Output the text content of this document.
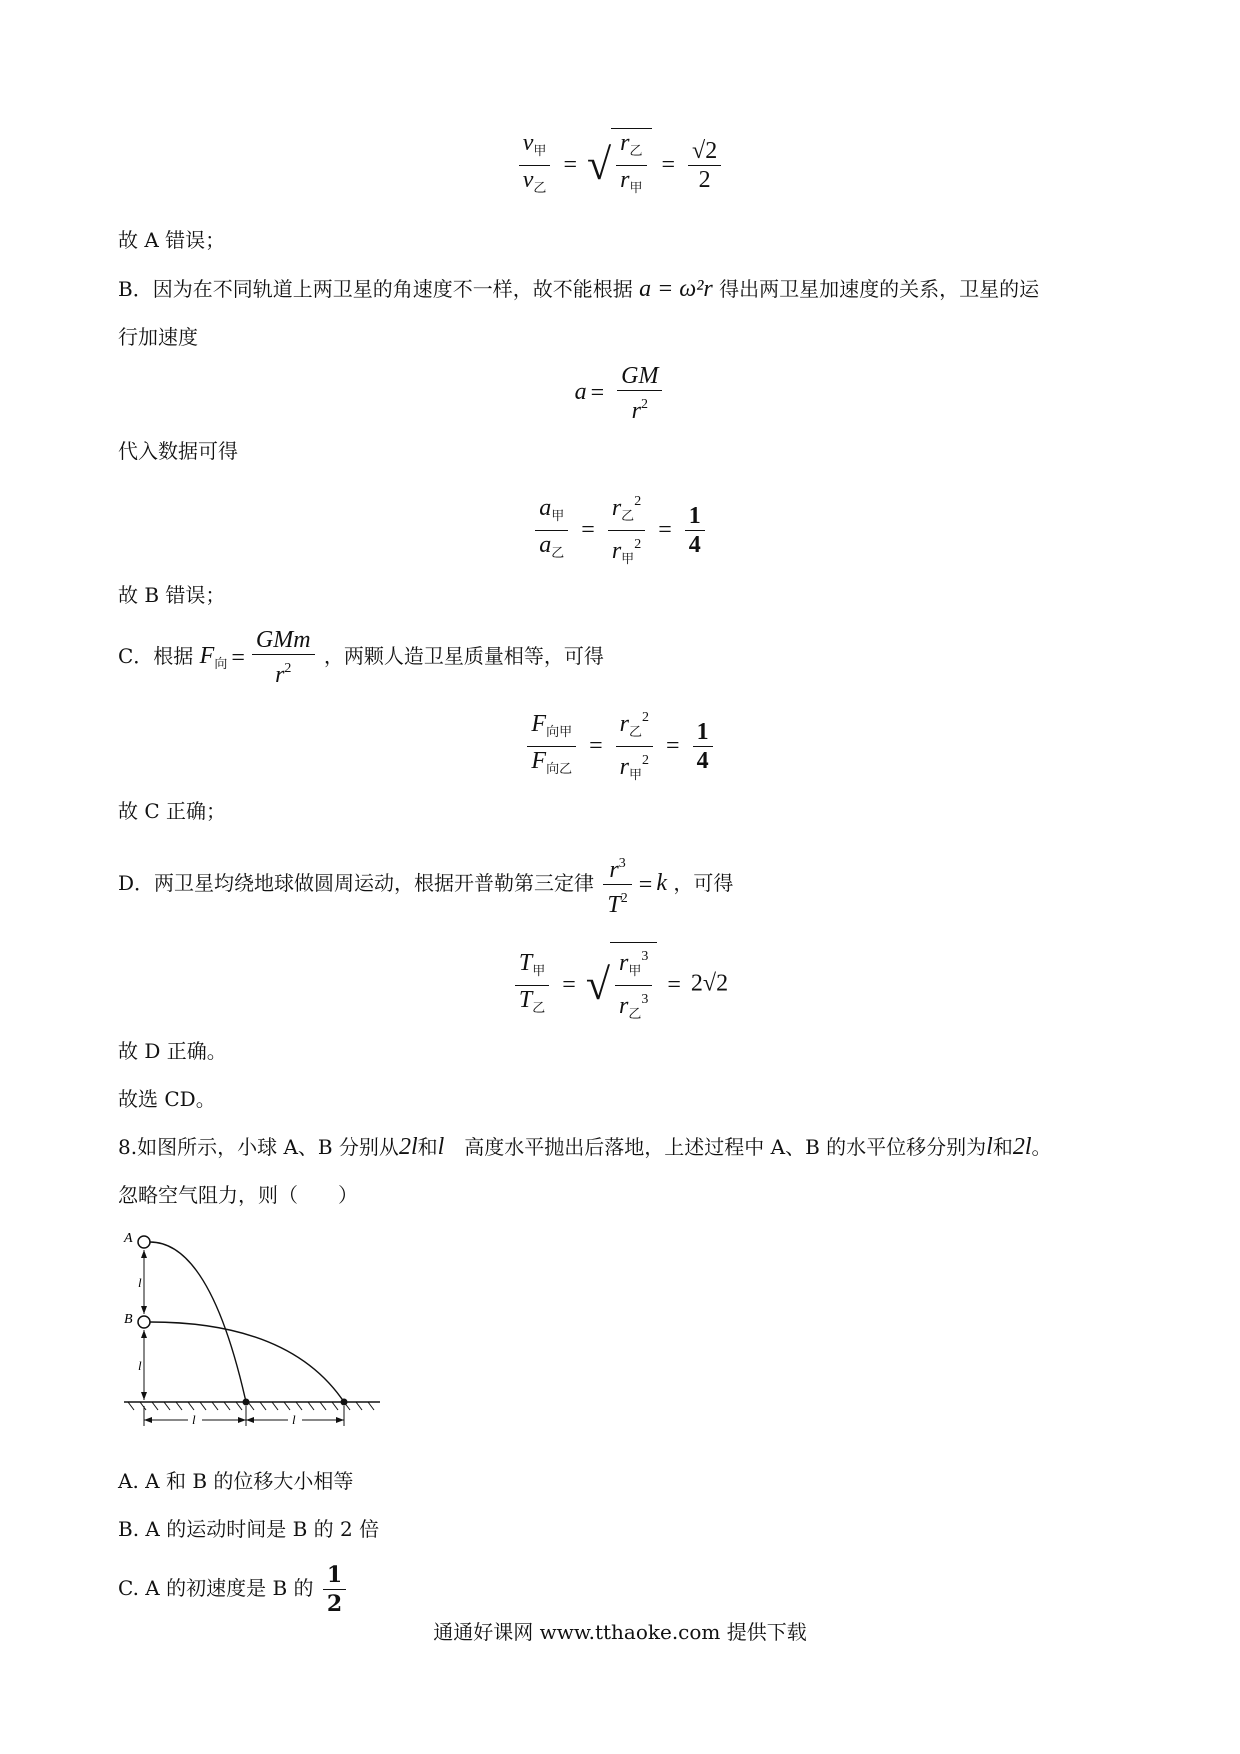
$\frac{v_甲}{v_乙}$ = √ $\frac{r_乙}{r_甲} = \frac{√2}{2}$
故 A 错误；
B．因为在不同轨道上两卫星的角速度不一样，故不能根据 a = ω²r 得出两卫星加速度的关系，卫星的运
行加速度
$a = \frac{GM}{r^2}$
代入数据可得
$\frac{a_甲}{a_乙} = \frac{r_乙^2}{r_甲^2} = \frac{1}{4}$
故 B 错误；
C．根据 $F_向 = \frac{\text{GMm}}{r^2}$ ，两颗人造卫星质量相等，可得
$\frac{F_{向甲}}{F_{向乙}} = \frac{r_乙^2}{r_甲^2} = \frac{1}{4}$
故 C 正确；
D．两卫星均绕地球做圆周运动，根据开普勒第三定律 $\frac{r^3}{T^2} = k$ ，可得
$\frac{T_甲}{T_乙}$ = √ $\frac{r_甲^3}{r_乙^3} = 2√2$
故 D 正确。
故选 CD。
8.如图所示，小球 A、B 分别从2l和l　 高度水平抛出后落地，上述过程中 A、B 的水平位移分别为l和2l。
忽略空气阻力，则（　　）
A
B
l
l
l	l
A. A 和 B 的位移大小相等
B. A 的运动时间是 B 的 2 倍
C. A 的初速度是 B 的 $\frac{1}{2}$
通通好课网 www.tthaoke.com 提供下载
